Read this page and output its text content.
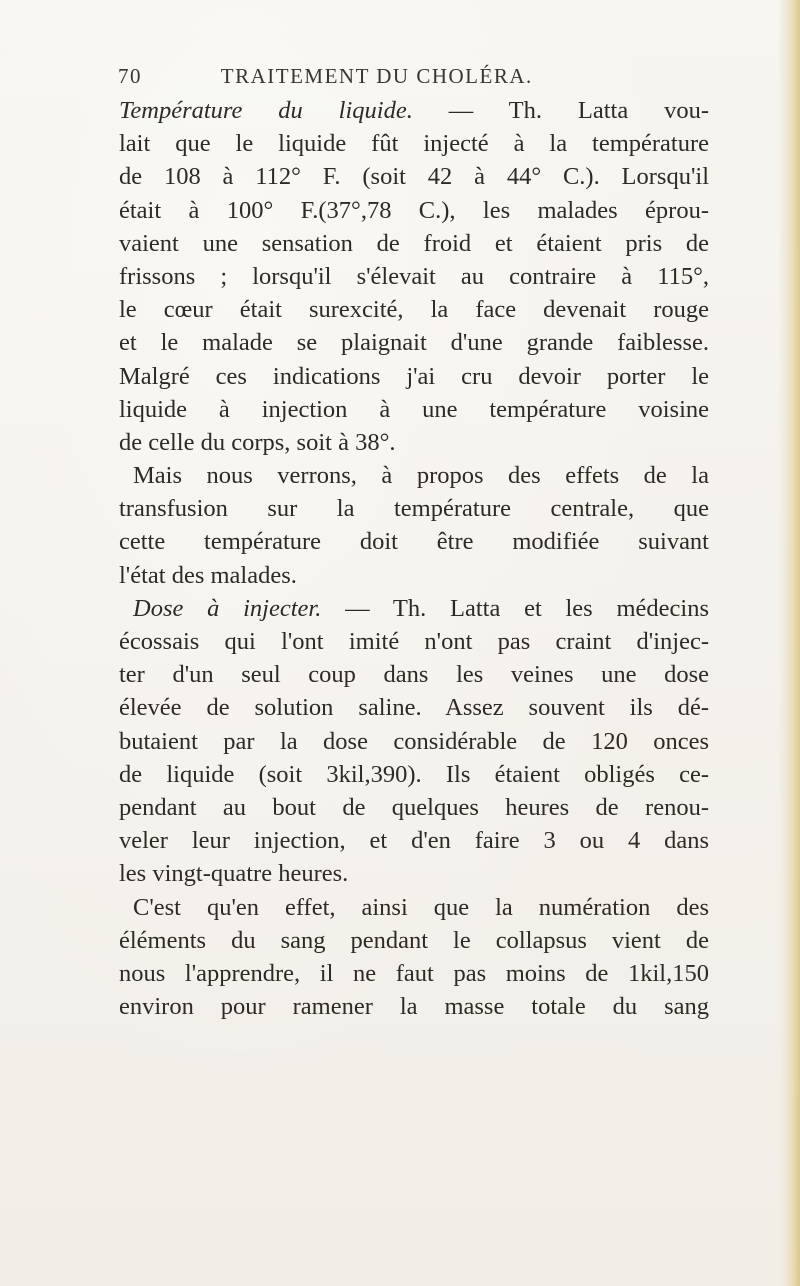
70	TRAITEMENT DU CHOLÉRA.
Température du liquide. — Th. Latta vou-
lait que le liquide fût injecté à la température
de 108 à 112° F. (soit 42 à 44° C.). Lorsqu'il
était à 100° F.(37°,78 C.), les malades éprou-
vaient une sensation de froid et étaient pris de
frissons ; lorsqu'il s'élevait au contraire à 115°,
le cœur était surexcité, la face devenait rouge
et le malade se plaignait d'une grande faiblesse.
Malgré ces indications j'ai cru devoir porter le
liquide à injection à une température voisine
de celle du corps, soit à 38°.
Mais nous verrons, à propos des effets de la
transfusion sur la température centrale, que
cette température doit être modifiée suivant
l'état des malades.
Dose à injecter. — Th. Latta et les médecins
écossais qui l'ont imité n'ont pas craint d'injec-
ter d'un seul coup dans les veines une dose
élevée de solution saline. Assez souvent ils dé-
butaient par la dose considérable de 120 onces
de liquide (soit 3kil,390). Ils étaient obligés ce-
pendant au bout de quelques heures de renou-
veler leur injection, et d'en faire 3 ou 4 dans
les vingt-quatre heures.
C'est qu'en effet, ainsi que la numération des
éléments du sang pendant le collapsus vient de
nous l'apprendre, il ne faut pas moins de 1kil,150
environ pour ramener la masse totale du sang
